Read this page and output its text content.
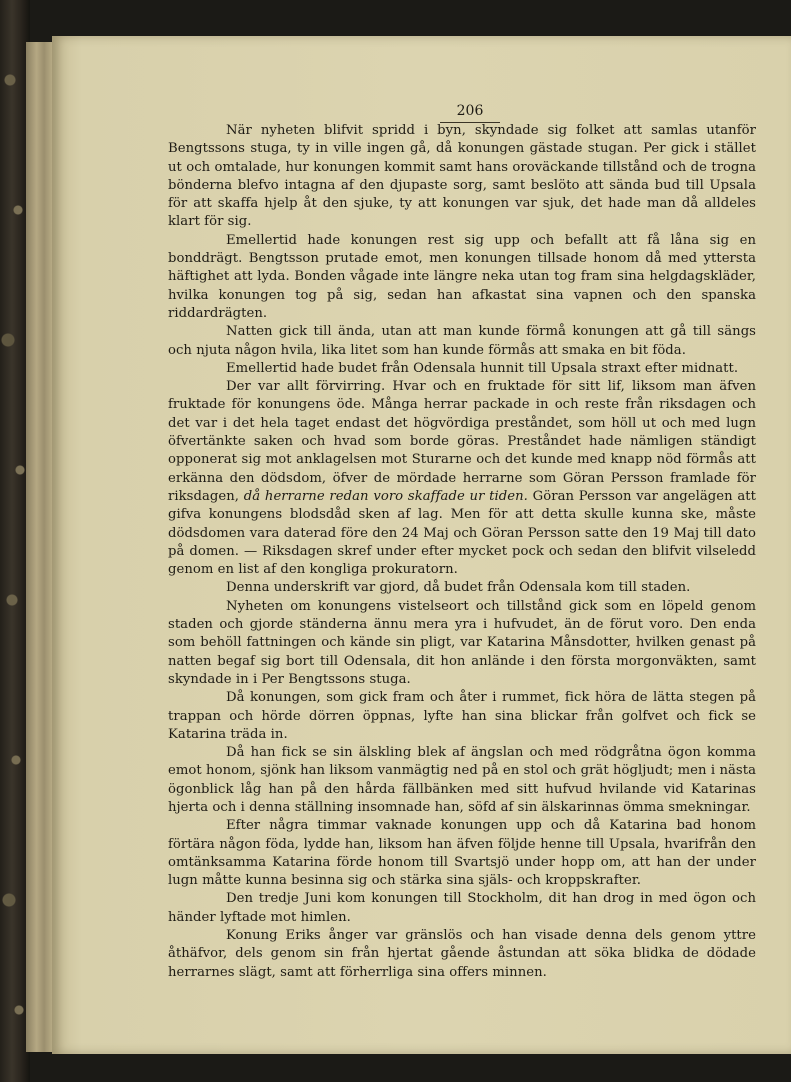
206

När nyheten blifvit spridd i byn, skyndade sig folket att samlas utanför Bengtssons stuga, ty in ville ingen gå, då konungen gästade stugan. Per gick i stället ut och omtalade, hur konungen kommit samt hans oroväckande tillstånd och de trogna bönderna blefvo intagna af den djupaste sorg, samt beslöto att sända bud till Upsala för att skaffa hjelp åt den sjuke, ty att konungen var sjuk, det hade man då alldeles klart för sig.

Emellertid hade konungen rest sig upp och befallt att få låna sig en bonddrägt. Bengtsson prutade emot, men konungen tillsade honom då med yttersta häftighet att lyda. Bonden vågade inte längre neka utan tog fram sina helgdagskläder, hvilka konungen tog på sig, sedan han afkastat sina vapnen och den spanska riddardrägten.

Natten gick till ända, utan att man kunde förmå konungen att gå till sängs och njuta någon hvila, lika litet som han kunde förmås att smaka en bit föda.

Emellertid hade budet från Odensala hunnit till Upsala straxt efter midnatt.

Der var allt förvirring. Hvar och en fruktade för sitt lif, liksom man äfven fruktade för konungens öde. Många herrar packade in och reste från riksdagen och det var i det hela taget endast det högvördiga preståndet, som höll ut och med lugn öfvertänkte saken och hvad som borde göras. Preståndet hade nämligen ständigt opponerat sig mot anklagelsen mot Sturarne och det kunde med knapp nöd förmås att erkänna den dödsdom, öfver de mördade herrarne som Göran Persson framlade för riksdagen, då herrarne redan voro skaffade ur tiden. Göran Persson var angelägen att gifva konungens blodsdåd sken af lag. Men för att detta skulle kunna ske, måste dödsdomen vara daterad före den 24 Maj och Göran Persson satte den 19 Maj till dato på domen. — Riksdagen skref under efter mycket pock och sedan den blifvit vilseledd genom en list af den kongliga prokuratorn.

Denna underskrift var gjord, då budet från Odensala kom till staden.

Nyheten om konungens vistelseort och tillstånd gick som en löpeld genom staden och gjorde ständerna ännu mera yra i hufvudet, än de förut voro. Den enda som behöll fattningen och kände sin pligt, var Katarina Månsdotter, hvilken genast på natten begaf sig bort till Odensala, dit hon anlände i den första morgonväkten, samt skyndade in i Per Bengtssons stuga.

Då konungen, som gick fram och åter i rummet, fick höra de lätta stegen på trappan och hörde dörren öppnas, lyfte han sina blickar från golfvet och fick se Katarina träda in.

Då han fick se sin älskling blek af ängslan och med rödgråtna ögon komma emot honom, sjönk han liksom vanmägtig ned på en stol och grät högljudt; men i nästa ögonblick låg han på den hårda fällbänken med sitt hufvud hvilande vid Katarinas hjerta och i denna ställning insomnade han, söfd af sin älskarinnas ömma smekningar.

Efter några timmar vaknade konungen upp och då Katarina bad honom förtära någon föda, lydde han, liksom han äfven följde henne till Upsala, hvarifrån den omtänksamma Katarina förde honom till Svartsjö under hopp om, att han der under lugn måtte kunna besinna sig och stärka sina själs- och kroppskrafter.

Den tredje Juni kom konungen till Stockholm, dit han drog in med ögon och händer lyftade mot himlen.

Konung Eriks ånger var gränslös och han visade denna dels genom yttre åthäfvor, dels genom sin från hjertat gående åstundan att söka blidka de dödade herrarnes slägt, samt att förherrliga sina offers minnen.
